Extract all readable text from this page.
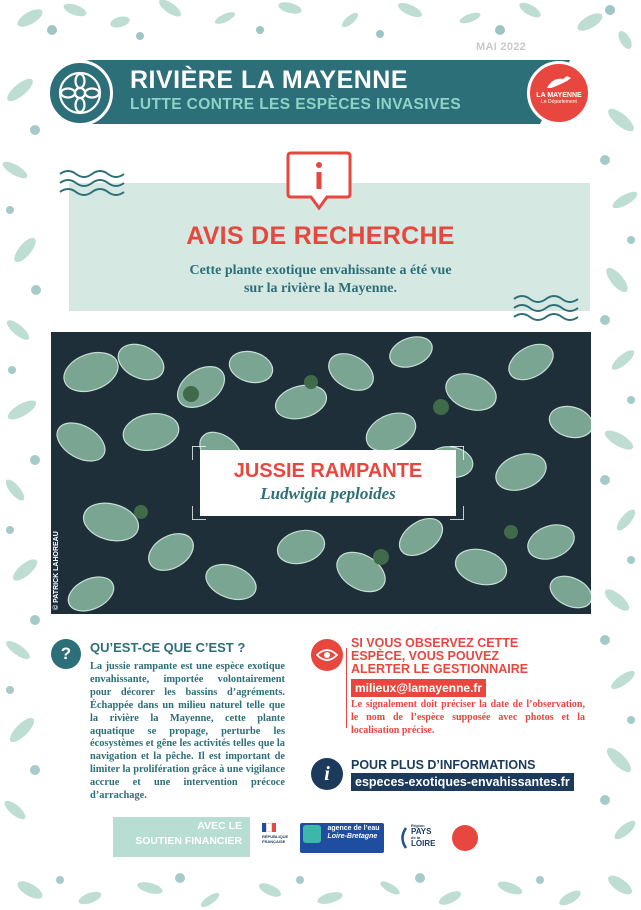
MAI 2022
RIVIÈRE LA MAYENNE
LUTTE CONTRE LES ESPÈCES INVASIVES
LA MAYENNE
Le Département
AVIS DE RECHERCHE
Cette plante exotique envahissante a été vue
sur la rivière la Mayenne.
JUSSIE RAMPANTE
Ludwigia peploides
© PATRICK LAHOREAU
?	QU’EST-CE QUE C’EST ?
La jussie rampante est une espèce exotique envahissante, importée volontairement pour décorer les bassins d’agréments. Échappée dans un milieu naturel telle que la rivière la Mayenne, cette plante aquatique se propage, perturbe les écosystèmes et gêne les activités telles que la navigation et la pêche. Il est important de limiter la prolifération grâce à une vigilance accrue et une intervention précoce d’arrachage.
SI VOUS OBSERVEZ CETTE
ESPÈCE, VOUS POUVEZ
ALERTER LE GESTIONNAIRE
milieux@lamayenne.fr
Le signalement doit préciser la date de l’observation, le nom de l’espèce supposée avec photos et la localisation précise.
i	POUR PLUS D’INFORMATIONS
especes-exotiques-envahissantes.fr
AVEC LE
SOUTIEN FINANCIER	RÉPUBLIQUE FRANÇAISE

agence de l’eau
Loire-Bretagne
Région
PAYS
de la
LOIRE
